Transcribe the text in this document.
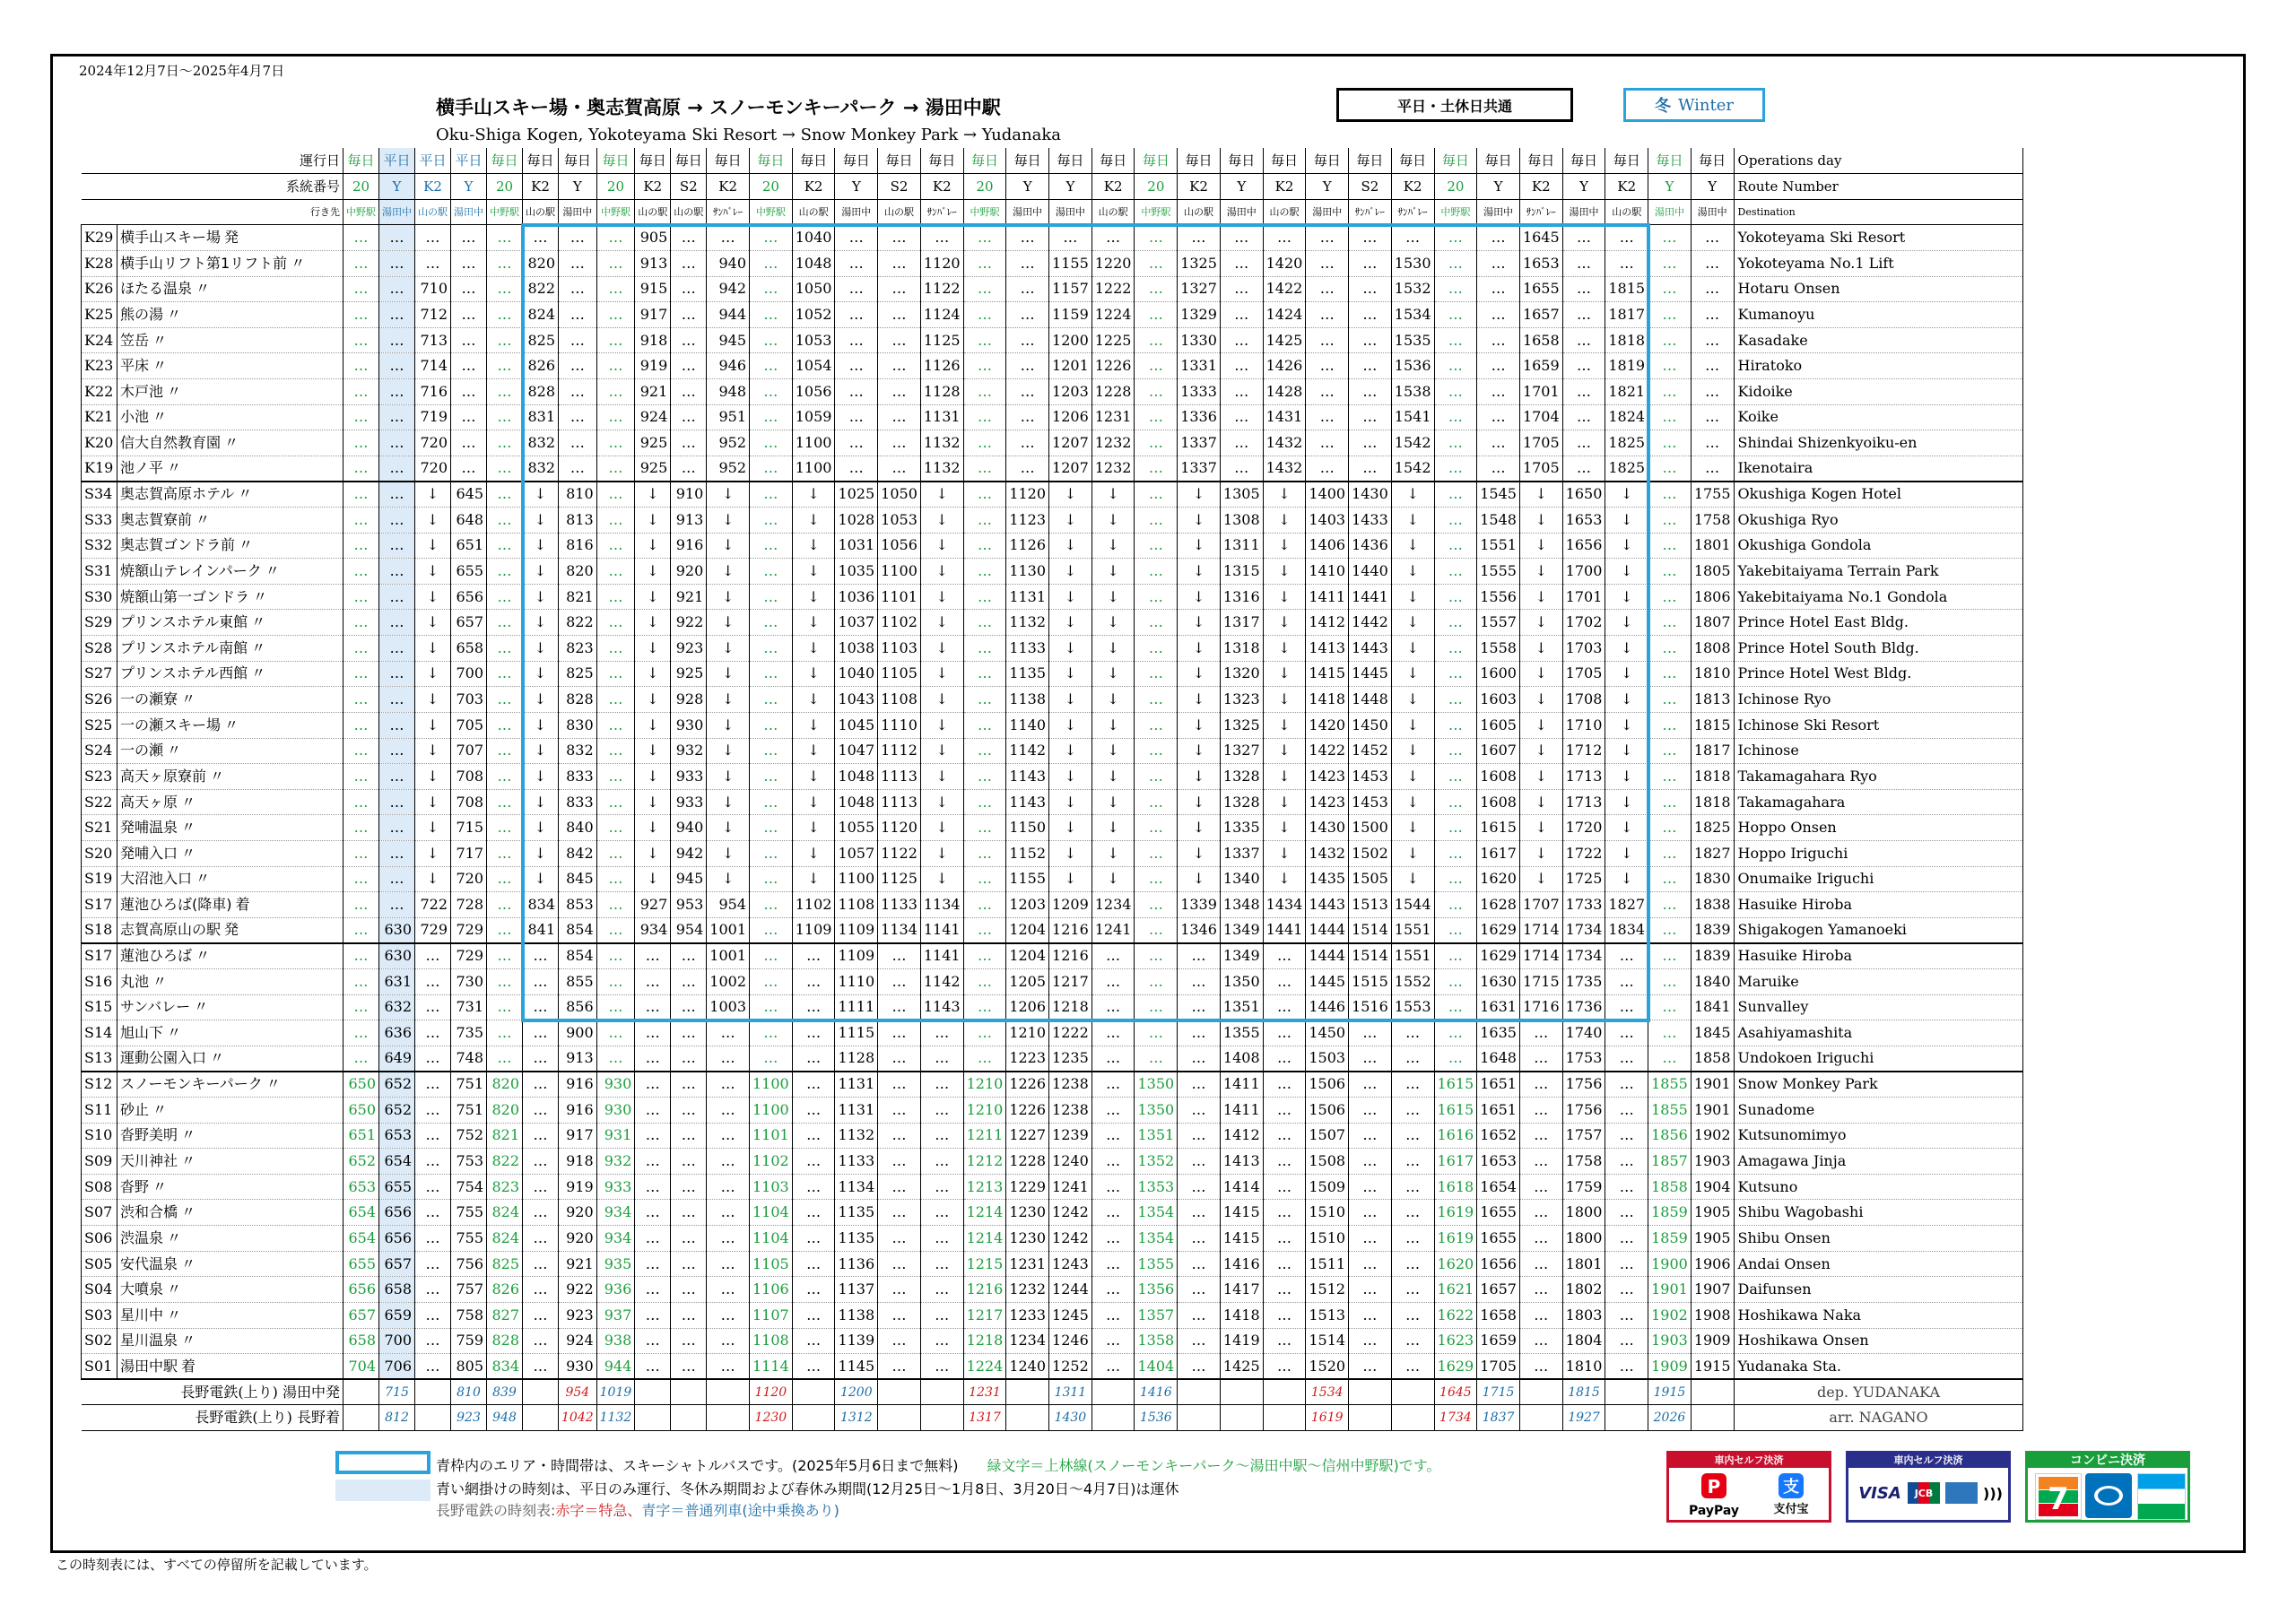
2024年12月7日～2025年4月7日
横手山スキー場・奥志賀高原 → スノーモンキーパーク → 湯田中駅
Oku-Shiga Kogen, Yokoteyama Ski Resort → Snow Monkey Park → Yudanaka
平日・土休日共通	冬 Winter
運行日		毎日	平日	平日	平日	毎日	毎日	毎日	毎日	毎日	毎日	毎日	毎日	毎日	毎日	毎日	毎日	毎日	毎日	毎日	毎日	毎日	毎日	毎日	毎日	毎日	毎日	毎日	毎日	毎日	毎日	毎日	毎日	毎日	毎日	Operations day
系統番号		20	Y	K2	Y	20	K2	Y	20	K2	S2	K2	20	K2	Y	S2	K2	20	Y	Y	K2	20	K2	Y	K2	Y	S2	K2	20	Y	K2	Y	K2	Y	Y	Route Number
行き先		中野駅	湯田中	山の駅	湯田中	中野駅	山の駅	湯田中	中野駅	山の駅	山の駅	ｻﾝﾊﾞﾚｰ	中野駅	山の駅	湯田中	山の駅	ｻﾝﾊﾞﾚｰ	中野駅	湯田中	湯田中	山の駅	中野駅	山の駅	湯田中	山の駅	湯田中	ｻﾝﾊﾞﾚｰ	ｻﾝﾊﾞﾚｰ	中野駅	湯田中	ｻﾝﾊﾞﾚｰ	湯田中	山の駅	湯田中	湯田中	Destination
K29	横手山スキー場 発	…	…	…	…	…	…	…	…	905	…	…	…	1040	…	…	…	…	…	…	…	…	…	…	…	…	…	…	…	…	1645	…	…	…	…	Yokoteyama Ski Resort
K28	横手山リフト第1リフト前 〃	…	…	…	…	…	820	…	…	913	…	940	…	1048	…	…	1120	…	…	1155	1220	…	1325	…	1420	…	…	1530	…	…	1653	…	…	…	…	Yokoteyama No.1 Lift
K26	ほたる温泉 〃	…	…	710	…	…	822	…	…	915	…	942	…	1050	…	…	1122	…	…	1157	1222	…	1327	…	1422	…	…	1532	…	…	1655	…	1815	…	…	Hotaru Onsen
K25	熊の湯 〃	…	…	712	…	…	824	…	…	917	…	944	…	1052	…	…	1124	…	…	1159	1224	…	1329	…	1424	…	…	1534	…	…	1657	…	1817	…	…	Kumanoyu
K24	笠岳 〃	…	…	713	…	…	825	…	…	918	…	945	…	1053	…	…	1125	…	…	1200	1225	…	1330	…	1425	…	…	1535	…	…	1658	…	1818	…	…	Kasadake
K23	平床 〃	…	…	714	…	…	826	…	…	919	…	946	…	1054	…	…	1126	…	…	1201	1226	…	1331	…	1426	…	…	1536	…	…	1659	…	1819	…	…	Hiratoko
K22	木戸池 〃	…	…	716	…	…	828	…	…	921	…	948	…	1056	…	…	1128	…	…	1203	1228	…	1333	…	1428	…	…	1538	…	…	1701	…	1821	…	…	Kidoike
K21	小池 〃	…	…	719	…	…	831	…	…	924	…	951	…	1059	…	…	1131	…	…	1206	1231	…	1336	…	1431	…	…	1541	…	…	1704	…	1824	…	…	Koike
K20	信大自然教育園 〃	…	…	720	…	…	832	…	…	925	…	952	…	1100	…	…	1132	…	…	1207	1232	…	1337	…	1432	…	…	1542	…	…	1705	…	1825	…	…	Shindai Shizenkyoiku-en
K19	池ノ平 〃	…	…	720	…	…	832	…	…	925	…	952	…	1100	…	…	1132	…	…	1207	1232	…	1337	…	1432	…	…	1542	…	…	1705	…	1825	…	…	Ikenotaira
S34	奥志賀高原ホテル 〃	…	…	↓	645	…	↓	810	…	↓	910	↓	…	↓	1025	1050	↓	…	1120	↓	↓	…	↓	1305	↓	1400	1430	↓	…	1545	↓	1650	↓	…	1755	Okushiga Kogen Hotel
S33	奥志賀寮前 〃	…	…	↓	648	…	↓	813	…	↓	913	↓	…	↓	1028	1053	↓	…	1123	↓	↓	…	↓	1308	↓	1403	1433	↓	…	1548	↓	1653	↓	…	1758	Okushiga Ryo
S32	奥志賀ゴンドラ前 〃	…	…	↓	651	…	↓	816	…	↓	916	↓	…	↓	1031	1056	↓	…	1126	↓	↓	…	↓	1311	↓	1406	1436	↓	…	1551	↓	1656	↓	…	1801	Okushiga Gondola
S31	焼額山テレインパーク 〃	…	…	↓	655	…	↓	820	…	↓	920	↓	…	↓	1035	1100	↓	…	1130	↓	↓	…	↓	1315	↓	1410	1440	↓	…	1555	↓	1700	↓	…	1805	Yakebitaiyama Terrain Park
S30	焼額山第一ゴンドラ 〃	…	…	↓	656	…	↓	821	…	↓	921	↓	…	↓	1036	1101	↓	…	1131	↓	↓	…	↓	1316	↓	1411	1441	↓	…	1556	↓	1701	↓	…	1806	Yakebitaiyama No.1 Gondola
S29	プリンスホテル東館 〃	…	…	↓	657	…	↓	822	…	↓	922	↓	…	↓	1037	1102	↓	…	1132	↓	↓	…	↓	1317	↓	1412	1442	↓	…	1557	↓	1702	↓	…	1807	Prince Hotel East Bldg.
S28	プリンスホテル南館 〃	…	…	↓	658	…	↓	823	…	↓	923	↓	…	↓	1038	1103	↓	…	1133	↓	↓	…	↓	1318	↓	1413	1443	↓	…	1558	↓	1703	↓	…	1808	Prince Hotel South Bldg.
S27	プリンスホテル西館 〃	…	…	↓	700	…	↓	825	…	↓	925	↓	…	↓	1040	1105	↓	…	1135	↓	↓	…	↓	1320	↓	1415	1445	↓	…	1600	↓	1705	↓	…	1810	Prince Hotel West Bldg.
S26	一の瀬寮 〃	…	…	↓	703	…	↓	828	…	↓	928	↓	…	↓	1043	1108	↓	…	1138	↓	↓	…	↓	1323	↓	1418	1448	↓	…	1603	↓	1708	↓	…	1813	Ichinose Ryo
S25	一の瀬スキー場 〃	…	…	↓	705	…	↓	830	…	↓	930	↓	…	↓	1045	1110	↓	…	1140	↓	↓	…	↓	1325	↓	1420	1450	↓	…	1605	↓	1710	↓	…	1815	Ichinose Ski Resort
S24	一の瀬 〃	…	…	↓	707	…	↓	832	…	↓	932	↓	…	↓	1047	1112	↓	…	1142	↓	↓	…	↓	1327	↓	1422	1452	↓	…	1607	↓	1712	↓	…	1817	Ichinose
S23	高天ヶ原寮前 〃	…	…	↓	708	…	↓	833	…	↓	933	↓	…	↓	1048	1113	↓	…	1143	↓	↓	…	↓	1328	↓	1423	1453	↓	…	1608	↓	1713	↓	…	1818	Takamagahara Ryo
S22	高天ヶ原 〃	…	…	↓	708	…	↓	833	…	↓	933	↓	…	↓	1048	1113	↓	…	1143	↓	↓	…	↓	1328	↓	1423	1453	↓	…	1608	↓	1713	↓	…	1818	Takamagahara
S21	発哺温泉 〃	…	…	↓	715	…	↓	840	…	↓	940	↓	…	↓	1055	1120	↓	…	1150	↓	↓	…	↓	1335	↓	1430	1500	↓	…	1615	↓	1720	↓	…	1825	Hoppo Onsen
S20	発哺入口 〃	…	…	↓	717	…	↓	842	…	↓	942	↓	…	↓	1057	1122	↓	…	1152	↓	↓	…	↓	1337	↓	1432	1502	↓	…	1617	↓	1722	↓	…	1827	Hoppo Iriguchi
S19	大沼池入口 〃	…	…	↓	720	…	↓	845	…	↓	945	↓	…	↓	1100	1125	↓	…	1155	↓	↓	…	↓	1340	↓	1435	1505	↓	…	1620	↓	1725	↓	…	1830	Onumaike Iriguchi
S17	蓮池ひろば(降車) 着	…	…	722	728	…	834	853	…	927	953	954	…	1102	1108	1133	1134	…	1203	1209	1234	…	1339	1348	1434	1443	1513	1544	…	1628	1707	1733	1827	…	1838	Hasuike Hiroba
S18	志賀高原山の駅 発	…	630	729	729	…	841	854	…	934	954	1001	…	1109	1109	1134	1141	…	1204	1216	1241	…	1346	1349	1441	1444	1514	1551	…	1629	1714	1734	1834	…	1839	Shigakogen Yamanoeki
S17	蓮池ひろば 〃	…	630	…	729	…	…	854	…	…	…	1001	…	…	1109	…	1141	…	1204	1216	…	…	…	1349	…	1444	1514	1551	…	1629	1714	1734	…	…	1839	Hasuike Hiroba
S16	丸池 〃	…	631	…	730	…	…	855	…	…	…	1002	…	…	1110	…	1142	…	1205	1217	…	…	…	1350	…	1445	1515	1552	…	1630	1715	1735	…	…	1840	Maruike
S15	サンバレー 〃	…	632	…	731	…	…	856	…	…	…	1003	…	…	1111	…	1143	…	1206	1218	…	…	…	1351	…	1446	1516	1553	…	1631	1716	1736	…	…	1841	Sunvalley
S14	旭山下 〃	…	636	…	735	…	…	900	…	…	…	…	…	…	1115	…	…	…	1210	1222	…	…	…	1355	…	1450	…	…	…	1635	…	1740	…	…	1845	Asahiyamashita
S13	運動公園入口 〃	…	649	…	748	…	…	913	…	…	…	…	…	…	1128	…	…	…	1223	1235	…	…	…	1408	…	1503	…	…	…	1648	…	1753	…	…	1858	Undokoen Iriguchi
S12	スノーモンキーパーク 〃	650	652	…	751	820	…	916	930	…	…	…	1100	…	1131	…	…	1210	1226	1238	…	1350	…	1411	…	1506	…	…	1615	1651	…	1756	…	1855	1901	Snow Monkey Park
S11	砂止 〃	650	652	…	751	820	…	916	930	…	…	…	1100	…	1131	…	…	1210	1226	1238	…	1350	…	1411	…	1506	…	…	1615	1651	…	1756	…	1855	1901	Sunadome
S10	沓野美明 〃	651	653	…	752	821	…	917	931	…	…	…	1101	…	1132	…	…	1211	1227	1239	…	1351	…	1412	…	1507	…	…	1616	1652	…	1757	…	1856	1902	Kutsunomimyo
S09	天川神社 〃	652	654	…	753	822	…	918	932	…	…	…	1102	…	1133	…	…	1212	1228	1240	…	1352	…	1413	…	1508	…	…	1617	1653	…	1758	…	1857	1903	Amagawa Jinja
S08	沓野 〃	653	655	…	754	823	…	919	933	…	…	…	1103	…	1134	…	…	1213	1229	1241	…	1353	…	1414	…	1509	…	…	1618	1654	…	1759	…	1858	1904	Kutsuno
S07	渋和合橋 〃	654	656	…	755	824	…	920	934	…	…	…	1104	…	1135	…	…	1214	1230	1242	…	1354	…	1415	…	1510	…	…	1619	1655	…	1800	…	1859	1905	Shibu Wagobashi
S06	渋温泉 〃	654	656	…	755	824	…	920	934	…	…	…	1104	…	1135	…	…	1214	1230	1242	…	1354	…	1415	…	1510	…	…	1619	1655	…	1800	…	1859	1905	Shibu Onsen
S05	安代温泉 〃	655	657	…	756	825	…	921	935	…	…	…	1105	…	1136	…	…	1215	1231	1243	…	1355	…	1416	…	1511	…	…	1620	1656	…	1801	…	1900	1906	Andai Onsen
S04	大噴泉 〃	656	658	…	757	826	…	922	936	…	…	…	1106	…	1137	…	…	1216	1232	1244	…	1356	…	1417	…	1512	…	…	1621	1657	…	1802	…	1901	1907	Daifunsen
S03	星川中 〃	657	659	…	758	827	…	923	937	…	…	…	1107	…	1138	…	…	1217	1233	1245	…	1357	…	1418	…	1513	…	…	1622	1658	…	1803	…	1902	1908	Hoshikawa Naka
S02	星川温泉 〃	658	700	…	759	828	…	924	938	…	…	…	1108	…	1139	…	…	1218	1234	1246	…	1358	…	1419	…	1514	…	…	1623	1659	…	1804	…	1903	1909	Hoshikawa Onsen
S01	湯田中駅 着	704	706	…	805	834	…	930	944	…	…	…	1114	…	1145	…	…	1224	1240	1252	…	1404	…	1425	…	1520	…	…	1629	1705	…	1810	…	1909	1915	Yudanaka Sta.
長野電鉄(上り) 湯田中発			715		810	839		954	1019				1120		1200			1231		1311		1416				1534			1645	1715		1815		1915		dep. YUDANAKA
長野電鉄(上り) 長野着			812		923	948		1042	1132				1230		1312			1317		1430		1536				1619			1734	1837		1927		2026		arr. NAGANO
青枠内のエリア・時間帯は、スキーシャトルバスです。(2025年5月6日まで無料)　　 緑文字＝上林線(スノーモンキーパーク～湯田中駅～信州中野駅)です。
青い網掛けの時刻は、平日のみ運行、冬休み期間および春休み期間(12月25日～1月8日、3月20日～4月7日)は運休
長野電鉄の時刻表:赤字＝特急、青字＝普通列車(途中乗換あり)
車内セルフ決済
P
PayPay
支
支付宝
車内セルフ決済
VISA	JCB	)))
コンビニ決済
7
この時刻表には、すべての停留所を記載しています。
